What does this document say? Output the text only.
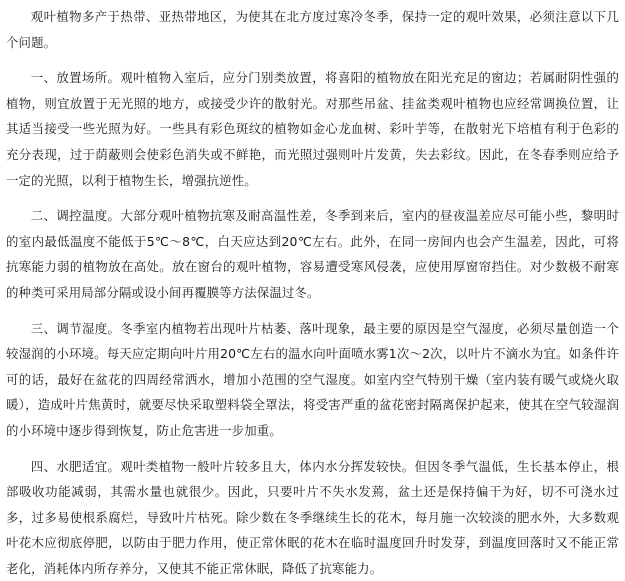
观叶植物多产于热带、亚热带地区，为使其在北方度过寒冷冬季，保持一定的观叶效果，必须注意以下几个问题。

一、放置场所。观叶植物入室后，应分门别类放置，将喜阳的植物放在阳光充足的窗边；若属耐阴性强的植物，则宜放置于无光照的地方，或接受少许的散射光。对那些吊盆、挂盆类观叶植物也应经常调换位置，让其适当接受一些光照为好。一些具有彩色斑纹的植物如金心龙血树、彩叶芋等，在散射光下培植有利于色彩的充分表现，过于荫蔽则会使彩色消失或不鲜艳，而光照过强则叶片发黄，失去彩纹。因此，在冬春季则应给予一定的光照，以利于植物生长，增强抗逆性。

二、调控温度。大部分观叶植物抗寒及耐高温性差，冬季到来后，室内的昼夜温差应尽可能小些，黎明时的室内最低温度不能低于5℃～8℃，白天应达到20℃左右。此外，在同一房间内也会产生温差，因此，可将抗寒能力弱的植物放在高处。放在窗台的观叶植物，容易遭受寒风侵袭，应使用厚窗帘挡住。对少数极不耐寒的种类可采用局部分隔或设小间再覆膜等方法保温过冬。

三、调节湿度。冬季室内植物若出现叶片枯萎、落叶现象，最主要的原因是空气湿度，必须尽量创造一个较湿润的小环境。每天应定期向叶片用20℃左右的温水向叶面喷水雾1次～2次，以叶片不滴水为宜。如条件许可的话，最好在盆花的四周经常洒水，增加小范围的空气湿度。如室内空气特别干燥（室内装有暖气或烧火取暖），造成叶片焦黄时，就要尽快采取塑料袋全罩法，将受害严重的盆花密封隔离保护起来，使其在空气较湿润的小环境中逐步得到恢复，防止危害进一步加重。

四、水肥适宜。观叶类植物一般叶片较多且大，体内水分挥发较快。但因冬季气温低，生长基本停止，根部吸收功能减弱，其需水量也就很少。因此，只要叶片不失水发蔫，盆土还是保持偏干为好，切不可浇水过多，过多易使根系腐烂，导致叶片枯死。除少数在冬季继续生长的花木，每月施一次较淡的肥水外，大多数观叶花木应彻底停肥，以防由于肥力作用，使正常休眠的花木在临时温度回升时发芽，到温度回落时又不能正常老化，消耗体内所存养分，又使其不能正常休眠，降低了抗寒能力。
